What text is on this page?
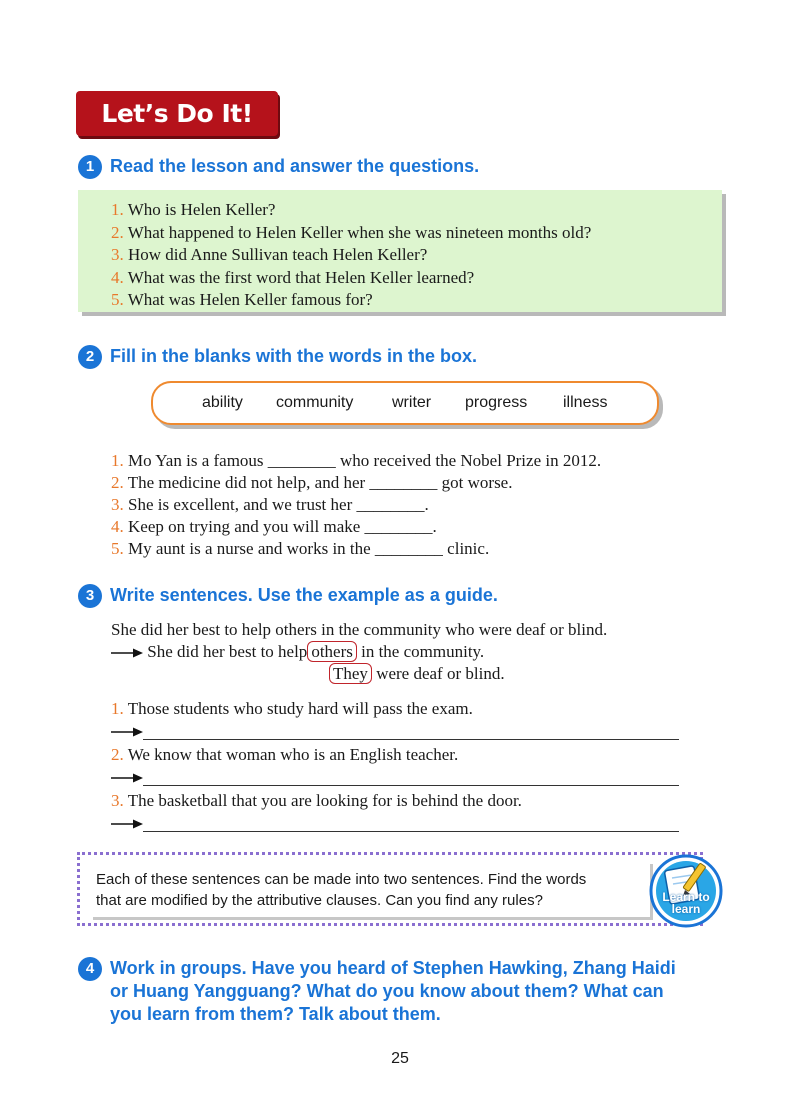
Let’s Do It!
1 Read the lesson and answer the questions.
1. Who is Helen Keller?
2. What happened to Helen Keller when she was nineteen months old?
3. How did Anne Sullivan teach Helen Keller?
4. What was the first word that Helen Keller learned?
5. What was Helen Keller famous for?
2 Fill in the blanks with the words in the box.
ability community writer progress illness
1. Mo Yan is a famous ________ who received the Nobel Prize in 2012.
2. The medicine did not help, and her ________ got worse.
3. She is excellent, and we trust her ________.
4. Keep on trying and you will make ________.
5. My aunt is a nurse and works in the ________ clinic.
3 Write sentences. Use the example as a guide.
She did her best to help others in the community who were deaf or blind.
She did her best to help others in the community.
They were deaf or blind.
1. Those students who study hard will pass the exam.
2. We know that woman who is an English teacher.
3. The basketball that you are looking for is behind the door.
Each of these sentences can be made into two sentences. Find the words
that are modified by the attributive clauses. Can you find any rules?	Learn to
learn
4 Work in groups. Have you heard of Stephen Hawking, Zhang Haidi
or Huang Yangguang? What do you know about them? What can
you learn from them? Talk about them.
25
